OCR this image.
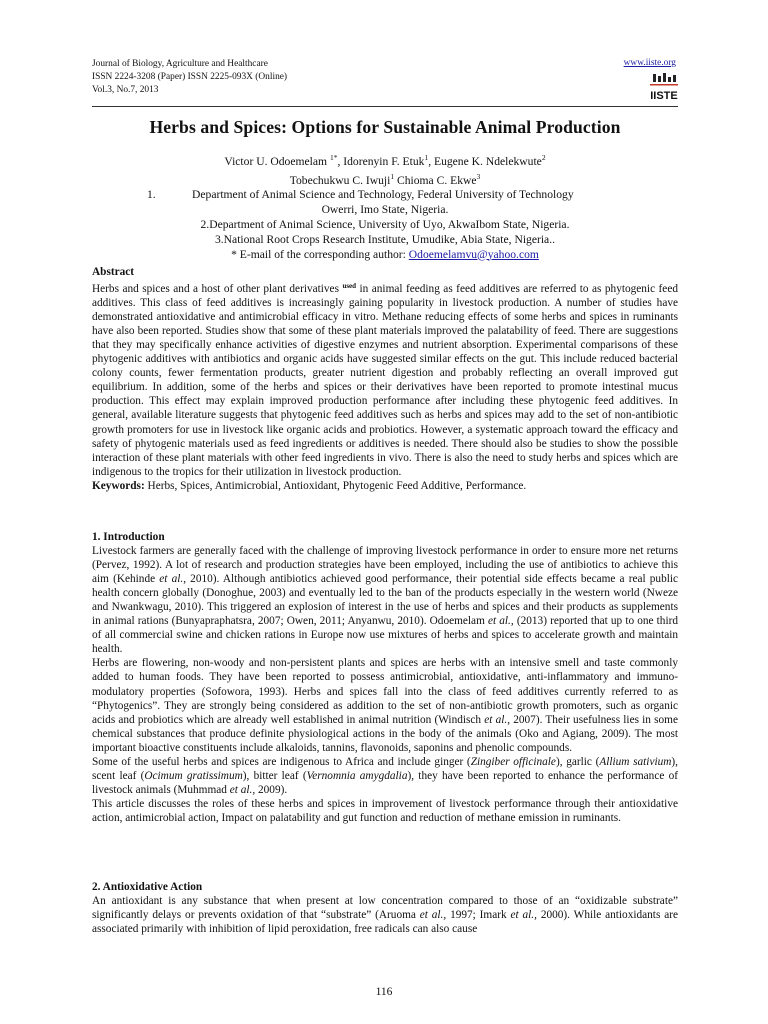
Journal of Biology, Agriculture and Healthcare
ISSN 2224-3208 (Paper) ISSN 2225-093X (Online)
Vol.3, No.7, 2013
www.iiste.org
IISTE
Herbs and Spices: Options for Sustainable Animal Production
Victor U. Odoemelam $^{1*}$, Idorenyin F. Etuk$^1$, Eugene K. Ndelekwute$^2$
Tobechukwu C. Iwuji$^1$ Chioma C. Ekwe$^3$
1.	Department of Animal Science and Technology, Federal University of Technology
Owerri, Imo State, Nigeria.
2.Department of Animal Science, University of Uyo, AkwaIbom State, Nigeria.
3.National Root Crops Research Institute, Umudike, Abia State, Nigeria..
* E-mail of the corresponding author: Odoemelamvu@yahoo.com

Abstract

Herbs and spices and a host of other plant derivatives $^{used}$ in animal feeding as feed additives are referred to as phytogenic feed additives. This class of feed additives is increasingly gaining popularity in livestock production. A number of studies have demonstrated antioxidative and antimicrobial efficacy in vitro. Methane reducing effects of some herbs and spices in ruminants have also been reported. Studies show that some of these plant materials improved the palatability of feed. There are suggestions that they may specifically enhance activities of digestive enzymes and nutrient absorption. Experimental comparisons of these phytogenic additives with antibiotics and organic acids have suggested similar effects on the gut. This include reduced bacterial colony counts, fewer fermentation products, greater nutrient digestion and probably reflecting an overall improved gut equilibrium. In addition, some of the herbs and spices or their derivatives have been reported to promote intestinal mucus production. This effect may explain improved production performance after including these phytogenic feed additives. In general, available literature suggests that phytogenic feed additives such as herbs and spices may add to the set of non-antibiotic growth promoters for use in livestock like organic acids and probiotics. However, a systematic approach toward the efficacy and safety of phytogenic materials used as feed ingredients or additives is needed. There should also be studies to show the possible interaction of these plant materials with other feed ingredients in vivo. There is also the need to study herbs and spices which are indigenous to the tropics for their utilization in livestock production.

Keywords: Herbs, Spices, Antimicrobial, Antioxidant, Phytogenic Feed Additive, Performance.

1. Introduction

Livestock farmers are generally faced with the challenge of improving livestock performance in order to ensure more net returns (Pervez, 1992). A lot of research and production strategies have been employed, including the use of antibiotics to achieve this aim (Kehinde et al., 2010). Although antibiotics achieved good performance, their potential side effects became a real public health concern globally (Donoghue, 2003) and eventually led to the ban of the products especially in the western world (Nweze and Nwankwagu, 2010). This triggered an explosion of interest in the use of herbs and spices and their products as supplements in animal rations (Bunyapraphatsra, 2007; Owen, 2011; Anyanwu, 2010). Odoemelam et al., (2013) reported that up to one third of all commercial swine and chicken rations in Europe now use mixtures of herbs and spices to accelerate growth and maintain health.

Herbs are flowering, non-woody and non-persistent plants and spices are herbs with an intensive smell and taste commonly added to human foods. They have been reported to possess antimicrobial, antioxidative, anti-inflammatory and immuno-modulatory properties (Sofowora, 1993). Herbs and spices fall into the class of feed additives currently referred to as “Phytogenics”. They are strongly being considered as addition to the set of non-antibiotic growth promoters, such as organic acids and probiotics which are already well established in animal nutrition (Windisch et al., 2007). Their usefulness lies in some chemical substances that produce definite physiological actions in the body of the animals (Oko and Agiang, 2009). The most important bioactive constituents include alkaloids, tannins, flavonoids, saponins and phenolic compounds.

Some of the useful herbs and spices are indigenous to Africa and include ginger (Zingiber officinale), garlic (Allium sativium), scent leaf (Ocimum gratissimum), bitter leaf (Vernomnia amygdalia), they have been reported to enhance the performance of livestock animals (Muhmmad et al., 2009).

This article discusses the roles of these herbs and spices in improvement of livestock performance through their antioxidative action, antimicrobial action, Impact on palatability and gut function and reduction of methane emission in ruminants.

2. Antioxidative Action

An antioxidant is any substance that when present at low concentration compared to those of an “oxidizable substrate” significantly delays or prevents oxidation of that “substrate” (Aruoma et al., 1997; Imark et al., 2000). While antioxidants are associated primarily with inhibition of lipid peroxidation, free radicals can also cause

116
